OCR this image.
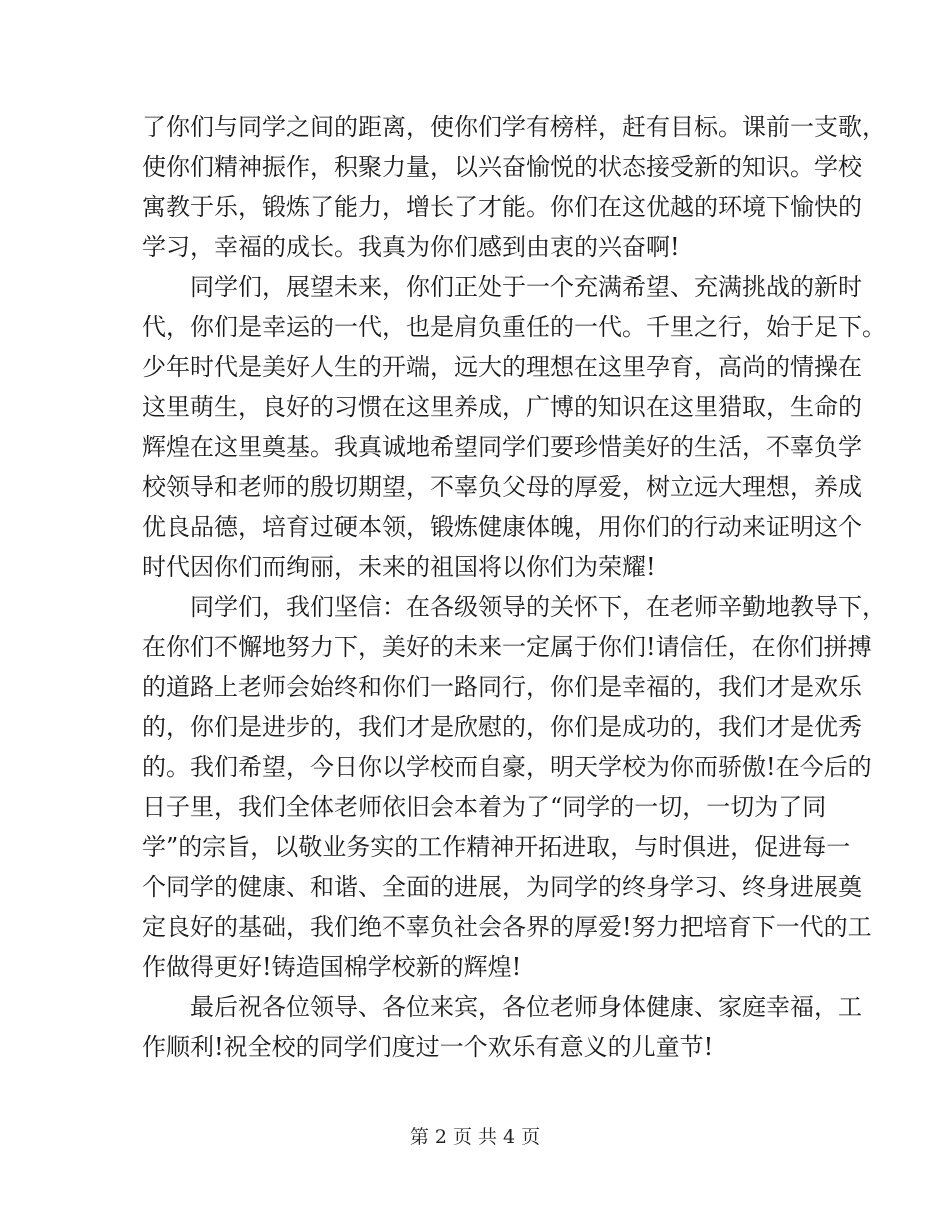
了你们与同学之间的距离，使你们学有榜样，赶有目标。课前一支歌，
使你们精神振作，积聚力量，以兴奋愉悦的状态接受新的知识。学校
寓教于乐，锻炼了能力，增长了才能。你们在这优越的环境下愉快的
学习，幸福的成长。我真为你们感到由衷的兴奋啊!
同学们，展望未来，你们正处于一个充满希望、充满挑战的新时
代，你们是幸运的一代，也是肩负重任的一代。千里之行，始于足下。
少年时代是美好人生的开端，远大的理想在这里孕育，高尚的情操在
这里萌生，良好的习惯在这里养成，广博的知识在这里猎取，生命的
辉煌在这里奠基。我真诚地希望同学们要珍惜美好的生活，不辜负学
校领导和老师的殷切期望，不辜负父母的厚爱，树立远大理想，养成
优良品德，培育过硬本领，锻炼健康体魄，用你们的行动来证明这个
时代因你们而绚丽，未来的祖国将以你们为荣耀!
同学们，我们坚信：在各级领导的关怀下，在老师辛勤地教导下，
在你们不懈地努力下，美好的未来一定属于你们!请信任，在你们拼搏
的道路上老师会始终和你们一路同行，你们是幸福的，我们才是欢乐
的，你们是进步的，我们才是欣慰的，你们是成功的，我们才是优秀
的。我们希望，今日你以学校而自豪，明天学校为你而骄傲!在今后的
日子里，我们全体老师依旧会本着为了“同学的一切，一切为了同
学”的宗旨，以敬业务实的工作精神开拓进取，与时俱进，促进每一
个同学的健康、和谐、全面的进展，为同学的终身学习、终身进展奠
定良好的基础，我们绝不辜负社会各界的厚爱!努力把培育下一代的工
作做得更好!铸造国棉学校新的辉煌!
最后祝各位领导、各位来宾，各位老师身体健康、家庭幸福，工
作顺利!祝全校的同学们度过一个欢乐有意义的儿童节!
第 2 页 共 4 页
